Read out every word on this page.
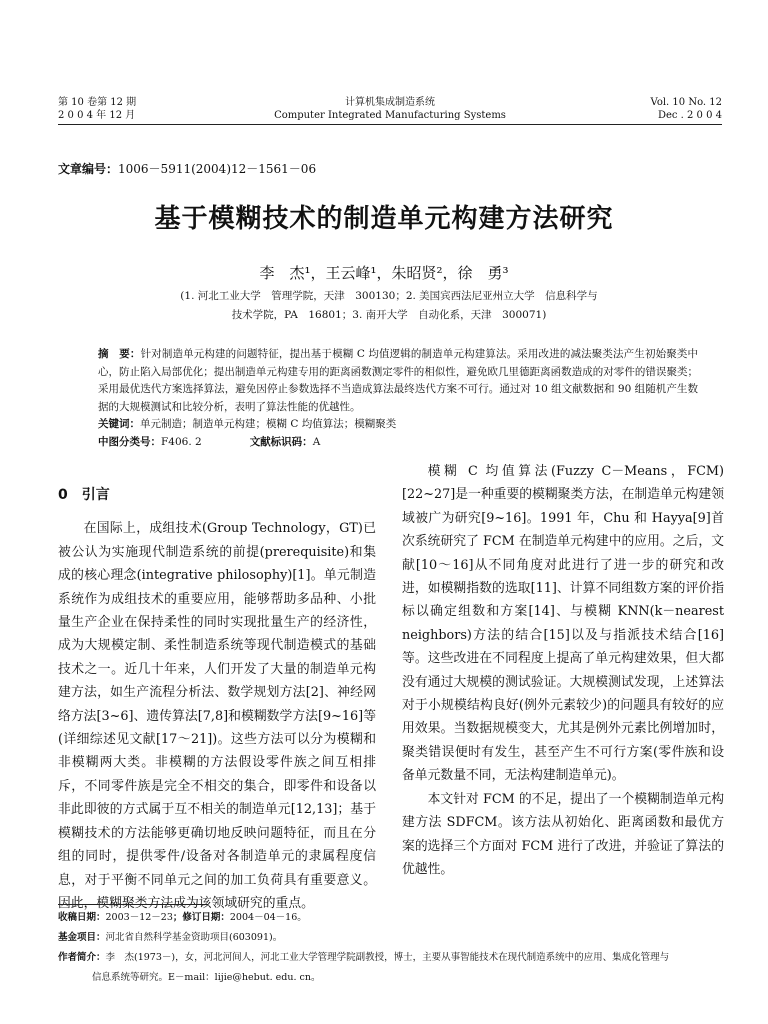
第 10 卷第 12 期
2 0 0 4 年 12 月
计算机集成制造系统
Computer Integrated Manufacturing Systems
Vol. 10 No. 12
Dec . 2 0 0 4
文章编号：1006－5911(2004)12－1561－06
基于模糊技术的制造单元构建方法研究
李　杰¹，王云峰¹，朱昭贤²，徐　勇³
(1. 河北工业大学　管理学院，天津　300130；2. 美国宾西法尼亚州立大学　信息科学与
技术学院，PA　16801；3. 南开大学　自动化系，天津　300071)
摘　要：针对制造单元构建的问题特征，提出基于模糊 C 均值逻辑的制造单元构建算法。采用改进的减法聚类法产生初始聚类中心，防止陷入局部优化；提出制造单元构建专用的距离函数测定零件的相似性，避免欧几里德距离函数造成的对零件的错误聚类；采用最优迭代方案选择算法，避免因停止参数选择不当造成算法最终迭代方案不可行。通过对 10 组文献数据和 90 组随机产生数据的大规模测试和比较分析，表明了算法性能的优越性。
关键词：单元制造；制造单元构建；模糊 C 均值算法；模糊聚类
中图分类号：F406. 2	文献标识码：A
0　引言

在国际上，成组技术(Group Technology，GT)已被公认为实施现代制造系统的前提(prerequisite)和集成的核心理念(integrative philosophy)[1]。单元制造系统作为成组技术的重要应用，能够帮助多品种、小批量生产企业在保持柔性的同时实现批量生产的经济性，成为大规模定制、柔性制造系统等现代制造模式的基础技术之一。近几十年来，人们开发了大量的制造单元构建方法，如生产流程分析法、数学规划方法[2]、神经网络方法[3~6]、遗传算法[7,8]和模糊数学方法[9~16]等(详细综述见文献[17～21])。这些方法可以分为模糊和非模糊两大类。非模糊的方法假设零件族之间互相排斥，不同零件族是完全不相交的集合，即零件和设备以非此即彼的方式属于互不相关的制造单元[12,13]；基于模糊技术的方法能够更确切地反映问题特征，而且在分组的同时，提供零件/设备对各制造单元的隶属程度信息，对于平衡不同单元之间的加工负荷具有重要意义。因此，模糊聚类方法成为该领域研究的重点。

模糊 C 均值算法(Fuzzy C－Means，FCM)[22~27]是一种重要的模糊聚类方法，在制造单元构建领域被广为研究[9~16]。1991 年，Chu 和 Hayya[9]首次系统研究了 FCM 在制造单元构建中的应用。之后，文献[10～16]从不同角度对此进行了进一步的研究和改进，如模糊指数的选取[11]、计算不同组数方案的评价指标以确定组数和方案[14]、与模糊 KNN(k－nearest neighbors)方法的结合[15]以及与指派技术结合[16]等。这些改进在不同程度上提高了单元构建效果，但大都没有通过大规模的测试验证。大规模测试发现，上述算法对于小规模结构良好(例外元素较少)的问题具有较好的应用效果。当数据规模变大，尤其是例外元素比例增加时，聚类错误便时有发生，甚至产生不可行方案(零件族和设备单元数量不同，无法构建制造单元)。

本文针对 FCM 的不足，提出了一个模糊制造单元构建方法 SDFCM。该方法从初始化、距离函数和最优方案的选择三个方面对 FCM 进行了改进，并验证了算法的优越性。

收稿日期：2003－12－23；修订日期：2004－04－16。
基金项目：河北省自然科学基金资助项目(603091)。
作者简介：李　杰(1973－)，女，河北河间人，河北工业大学管理学院副教授，博士，主要从事智能技术在现代制造系统中的应用、集成化管理与
信息系统等研究。E－mail：lijie@hebut. edu. cn。
